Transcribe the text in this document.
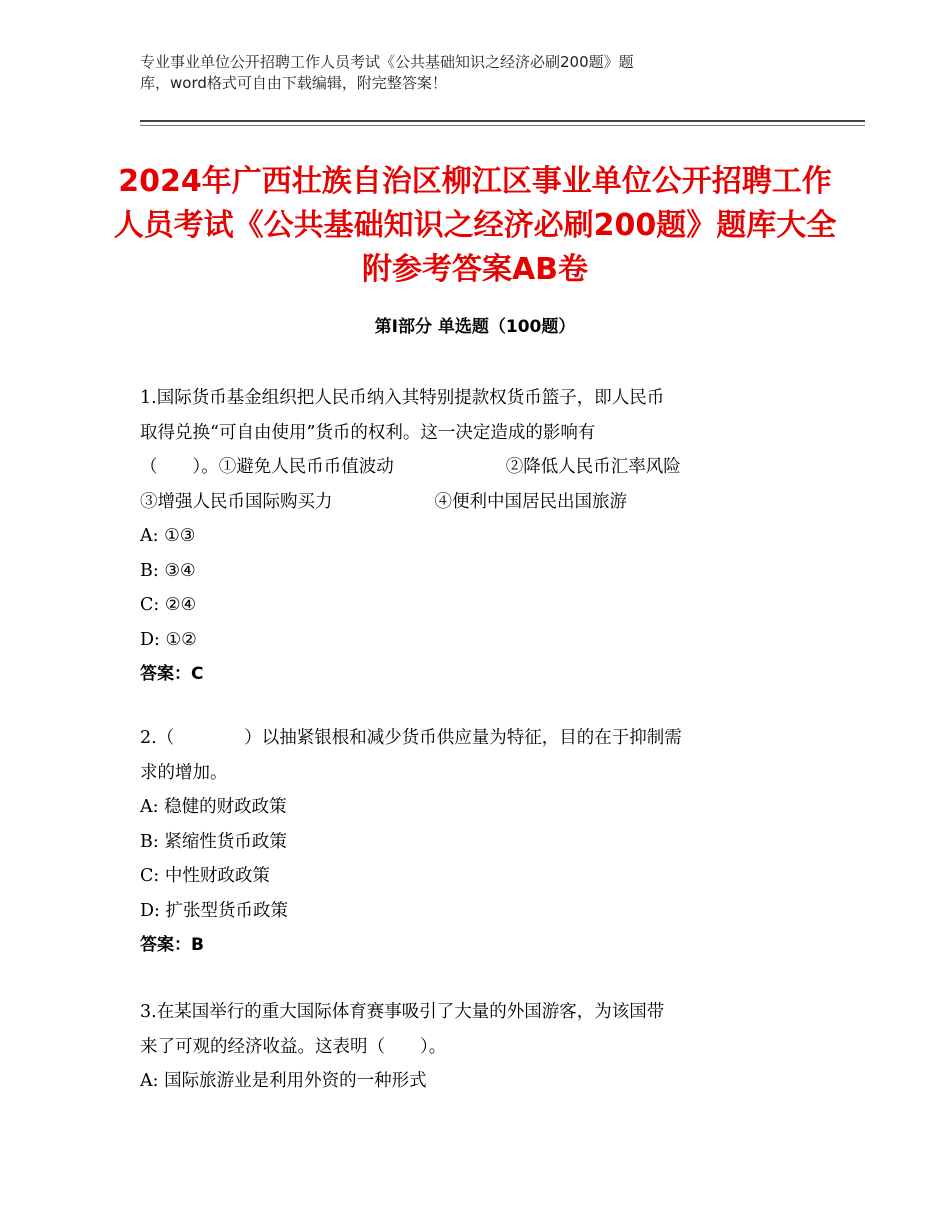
专业事业单位公开招聘工作人员考试《公共基础知识之经济必刷200题》题
库，word格式可自由下载编辑，附完整答案！
2024年广西壮族自治区柳江区事业单位公开招聘工作人员考试《公共基础知识之经济必刷200题》题库大全附参考答案AB卷
第Ⅰ部分 单选题（100题）
1.国际货币基金组织把人民币纳入其特别提款权货币篮子，即人民币
取得兑换“可自由使用”货币的权利。这一决定造成的影响有
（　　）。①避免人民币币值波动	②降低人民币汇率风险
③增强人民币国际购买力	④便利中国居民出国旅游
A: ①③
B: ③④
C: ②④
D: ①②
答案：C
2.（　　　　）以抽紧银根和减少货币供应量为特征，目的在于抑制需
求的增加。
A: 稳健的财政政策
B: 紧缩性货币政策
C: 中性财政政策
D: 扩张型货币政策
答案：B
3.在某国举行的重大国际体育赛事吸引了大量的外国游客，为该国带
来了可观的经济收益。这表明（　　）。
A: 国际旅游业是利用外资的一种形式
